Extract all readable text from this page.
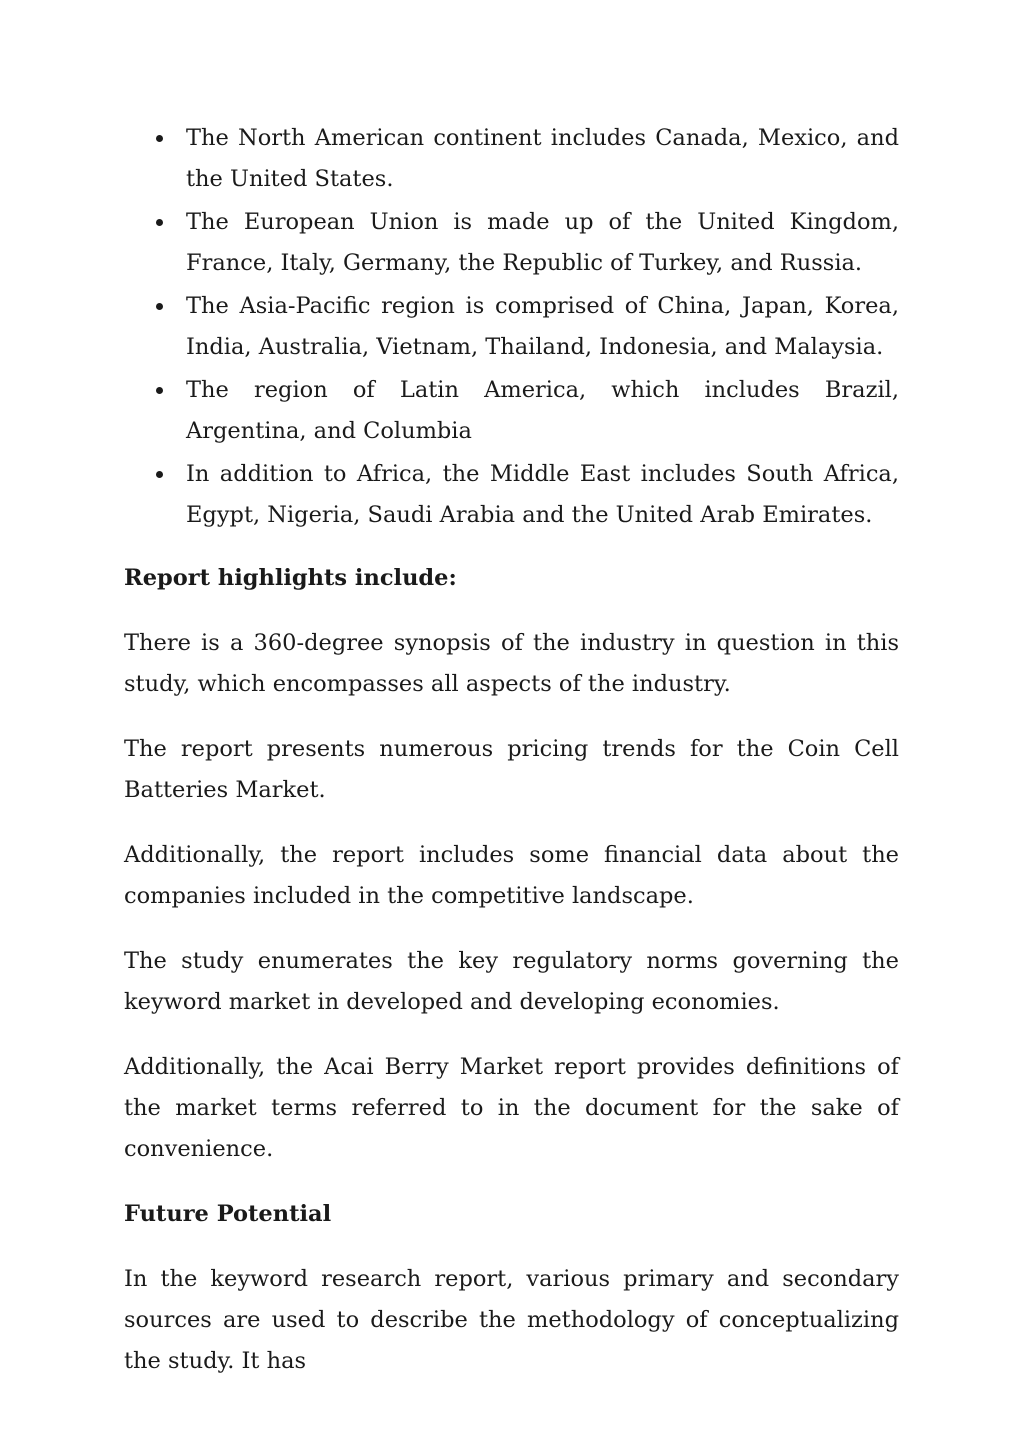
The North American continent includes Canada, Mexico, and the United States.
The European Union is made up of the United Kingdom, France, Italy, Germany, the Republic of Turkey, and Russia.
The Asia-Pacific region is comprised of China, Japan, Korea, India, Australia, Vietnam, Thailand, Indonesia, and Malaysia.
The region of Latin America, which includes Brazil, Argentina, and Columbia
In addition to Africa, the Middle East includes South Africa, Egypt, Nigeria, Saudi Arabia and the United Arab Emirates.

Report highlights include:

There is a 360-degree synopsis of the industry in question in this study, which encompasses all aspects of the industry.

The report presents numerous pricing trends for the Coin Cell Batteries Market.

Additionally, the report includes some financial data about the companies included in the competitive landscape.

The study enumerates the key regulatory norms governing the keyword market in developed and developing economies.

Additionally, the Acai Berry Market report provides definitions of the market terms referred to in the document for the sake of convenience.

Future Potential

In the keyword research report, various primary and secondary sources are used to describe the methodology of conceptualizing the study. It has
